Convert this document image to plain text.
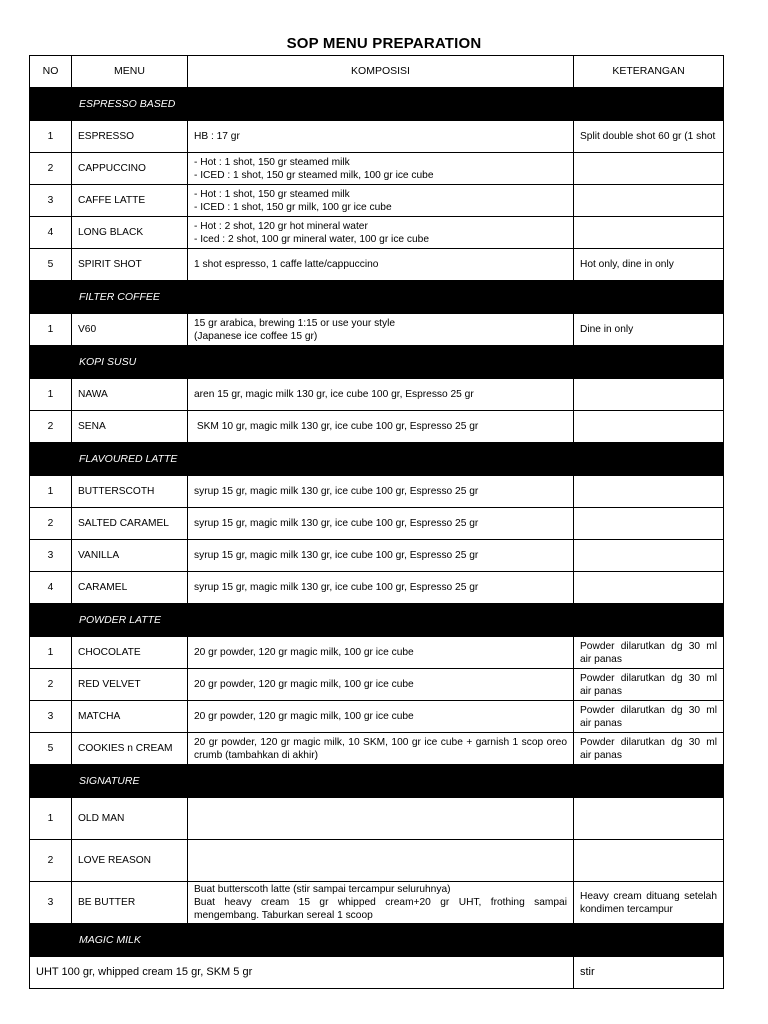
SOP MENU PREPARATION
NO	MENU	KOMPOSISI	KETERANGAN
ESPRESSO BASED			
1	ESPRESSO	HB : 17 gr	Split double shot 60 gr (1 shot
2	CAPPUCCINO	- Hot : 1 shot, 150 gr steamed milk
- ICED : 1 shot, 150 gr steamed milk, 100 gr ice cube	

3	CAFFE LATTE	- Hot : 1 shot, 150 gr steamed milk
- ICED : 1 shot, 150 gr milk, 100 gr ice cube	

4	LONG BLACK	- Hot : 2 shot, 120 gr hot mineral water
- Iced : 2 shot, 100 gr mineral water, 100 gr ice cube	

5	SPIRIT SHOT	1 shot espresso, 1 caffe latte/cappuccino	Hot only, dine in only
FILTER COFFEE			
1	V60	15 gr arabica, brewing 1:15 or use your style
(Japanese ice coffee 15 gr)	Dine in only
KOPI SUSU			
1	NAWA	aren 15 gr, magic milk 130 gr, ice cube 100 gr, Espresso 25 gr	

2	SENA	SKM 10 gr, magic milk 130 gr, ice cube 100 gr, Espresso 25 gr	

FLAVOURED LATTE			
1	BUTTERSCOTH	syrup 15 gr, magic milk 130 gr, ice cube 100 gr, Espresso 25 gr	

2	SALTED CARAMEL	syrup 15 gr, magic milk 130 gr, ice cube 100 gr, Espresso 25 gr	

3	VANILLA	syrup 15 gr, magic milk 130 gr, ice cube 100 gr, Espresso 25 gr	

4	CARAMEL	syrup 15 gr, magic milk 130 gr, ice cube 100 gr, Espresso 25 gr	

POWDER LATTE			
1	CHOCOLATE	20 gr powder, 120 gr magic milk, 100 gr ice cube	Powder dilarutkan dg 30 ml air panas
2	RED VELVET	20 gr powder, 120 gr magic milk, 100 gr ice cube	Powder dilarutkan dg 30 ml air panas
3	MATCHA	20 gr powder, 120 gr magic milk, 100 gr ice cube	Powder dilarutkan dg 30 ml air panas
5	COOKIES n CREAM	20 gr powder, 120 gr magic milk, 10 SKM, 100 gr ice cube + garnish 1 scop oreo crumb (tambahkan di akhir)	Powder dilarutkan dg 30 ml air panas
SIGNATURE			
1	OLD MAN		
2	LOVE REASON		
3	BE BUTTER	Buat butterscoth latte (stir sampai tercampur seluruhnya)
Buat heavy cream 15 gr whipped cream+20 gr UHT, frothing sampai mengembang. Taburkan sereal 1 scoop	Heavy cream dituang setelah kondimen tercampur
MAGIC MILK			
UHT 100 gr, whipped cream 15 gr, SKM 5 gr			stir
